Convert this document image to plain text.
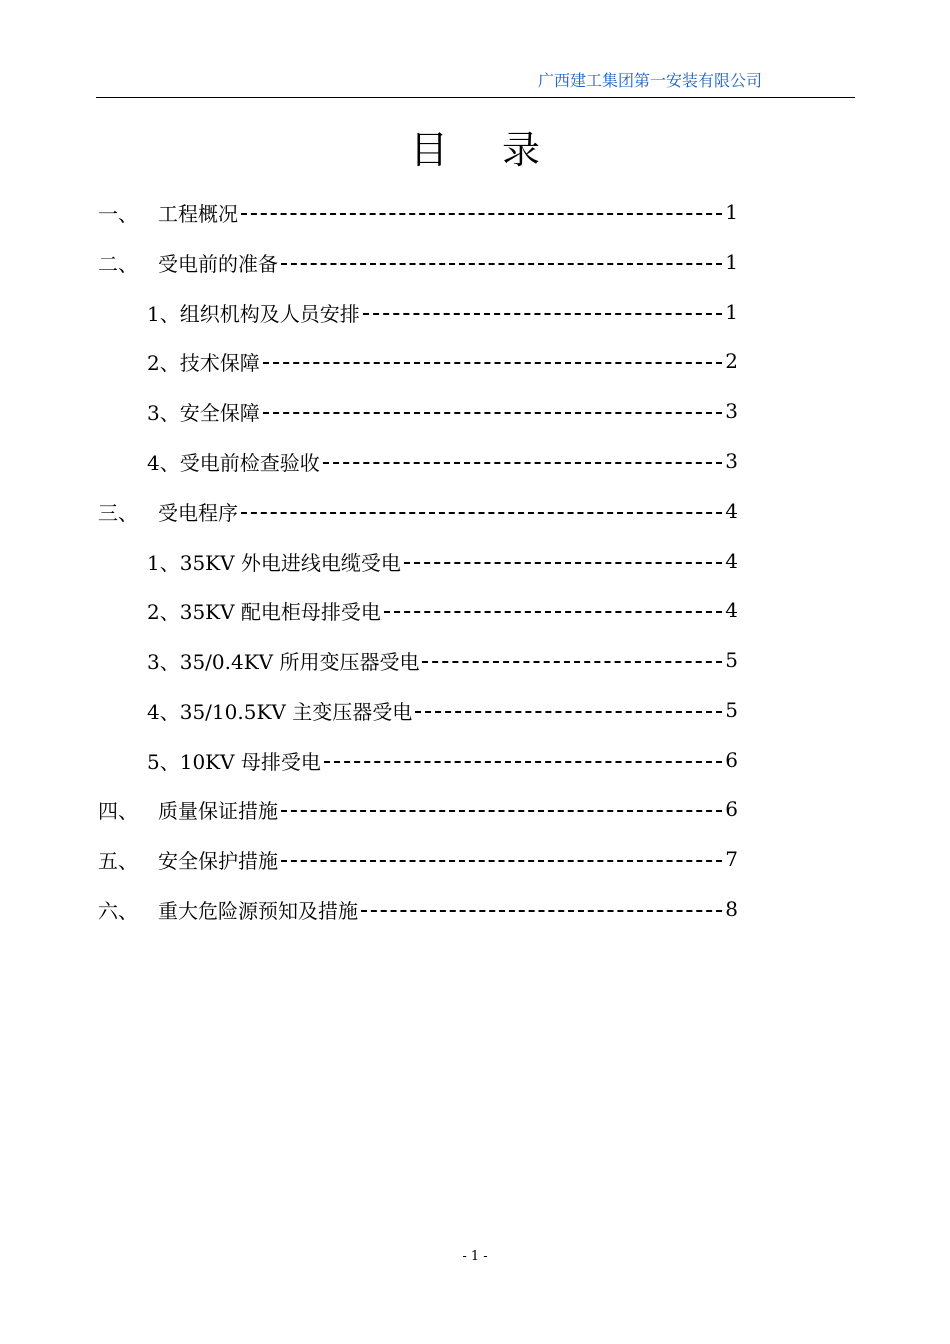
广西建工集团第一安装有限公司
目录
一、	工程概况	1
二、	受电前的准备	1
1、 组织机构及人员安排	1
2、 技术保障	2
3、 安全保障	3
4、 受电前检查验收	3
三、	受电程序	4
1、 35KV 外电进线电缆受电	4
2、 35KV 配电柜母排受电	4
3、 35/0.4KV 所用变压器受电	5
4、 35/10.5KV 主变压器受电	5
5、 10KV 母排受电	6
四、	质量保证措施	6
五、	安全保护措施	7
六、	重大危险源预知及措施	8
- 1 -
